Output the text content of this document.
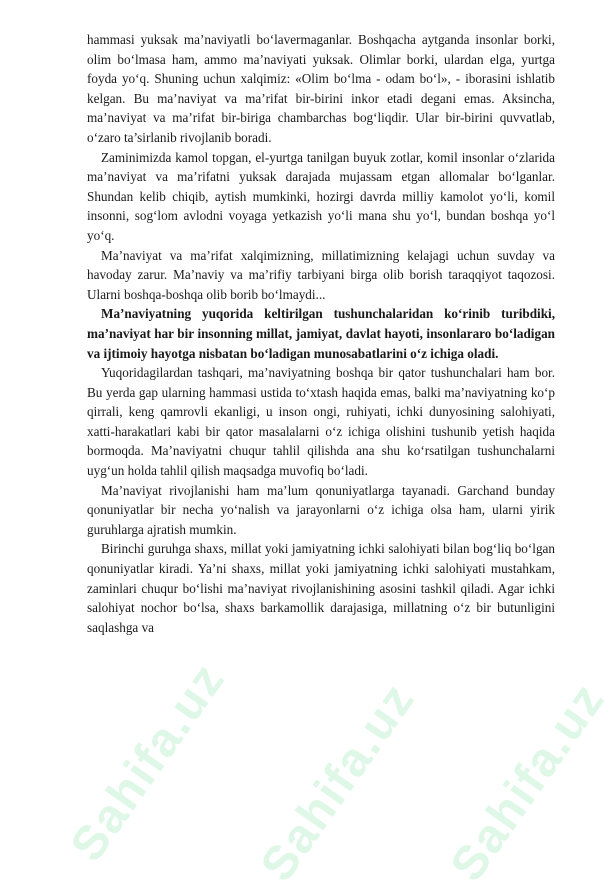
Sahifa.uz Sahifa.uz Sahifa.uz

hammasi yuksak ma’naviyatli bo‘lavermaganlar. Boshqacha aytganda insonlar borki, olim bo‘lmasa ham, ammo ma’naviyati yuksak. Olimlar borki, ulardan elga, yurtga foyda yo‘q. Shuning uchun xalqimiz: «Olim bo‘lma - odam bo‘l», - iborasini ishlatib kelgan. Bu ma’naviyat va ma’rifat bir-birini inkor etadi degani emas. Aksincha, ma’naviyat va ma’rifat bir-biriga chambarchas bog‘liqdir. Ular bir-birini quvvatlab, o‘zaro ta’sirlanib rivojlanib boradi.

Zaminimizda kamol topgan, el-yurtga tanilgan buyuk zotlar, komil insonlar o‘zlarida ma’naviyat va ma’rifatni yuksak darajada mujassam etgan allomalar bo‘lganlar. Shundan kelib chiqib, aytish mumkinki, hozirgi davrda milliy kamolot yo‘li, komil insonni, sog‘lom avlodni voyaga yetkazish yo‘li mana shu yo‘l, bundan boshqa yo‘l yo‘q.

Ma’naviyat va ma’rifat xalqimizning, millatimizning kelajagi uchun suvday va havoday zarur. Ma’naviy va ma’rifiy tarbiyani birga olib borish taraqqiyot taqozosi. Ularni boshqa-boshqa olib borib bo‘lmaydi...

Ma’naviyatning yuqorida keltirilgan tushunchalaridan ko‘rinib turibdiki, ma’naviyat har bir insonning millat, jamiyat, davlat hayoti, insonlararo bo‘ladigan va ijtimoiy hayotga nisbatan bo‘ladigan munosabatlarini o‘z ichiga oladi.

Yuqoridagilardan tashqari, ma’naviyatning boshqa bir qator tushunchalari ham bor. Bu yerda gap ularning hammasi ustida to‘xtash haqida emas, balki ma’naviyatning ko‘p qirrali, keng qamrovli ekanligi, u inson ongi, ruhiyati, ichki dunyosining salohiyati, xatti-harakatlari kabi bir qator masalalarni o‘z ichiga olishini tushunib yetish haqida bormoqda. Ma’naviyatni chuqur tahlil qilishda ana shu ko‘rsatilgan tushunchalarni uyg‘un holda tahlil qilish maqsadga muvofiq bo‘ladi.

Ma’naviyat rivojlanishi ham ma’lum qonuniyatlarga tayanadi. Garchand bunday qonuniyatlar bir necha yo‘nalish va jarayonlarni o‘z ichiga olsa ham, ularni yirik guruhlarga ajratish mumkin.

Birinchi guruhga shaxs, millat yoki jamiyatning ichki salohiyati bilan bog‘liq bo‘lgan qonuniyatlar kiradi. Ya’ni shaxs, millat yoki jamiyatning ichki salohiyati mustahkam, zaminlari chuqur bo‘lishi ma’naviyat rivojlanishining asosini tashkil qiladi. Agar ichki salohiyat nochor bo‘lsa, shaxs barkamollik darajasiga, millatning o‘z bir butunligini saqlashga va
